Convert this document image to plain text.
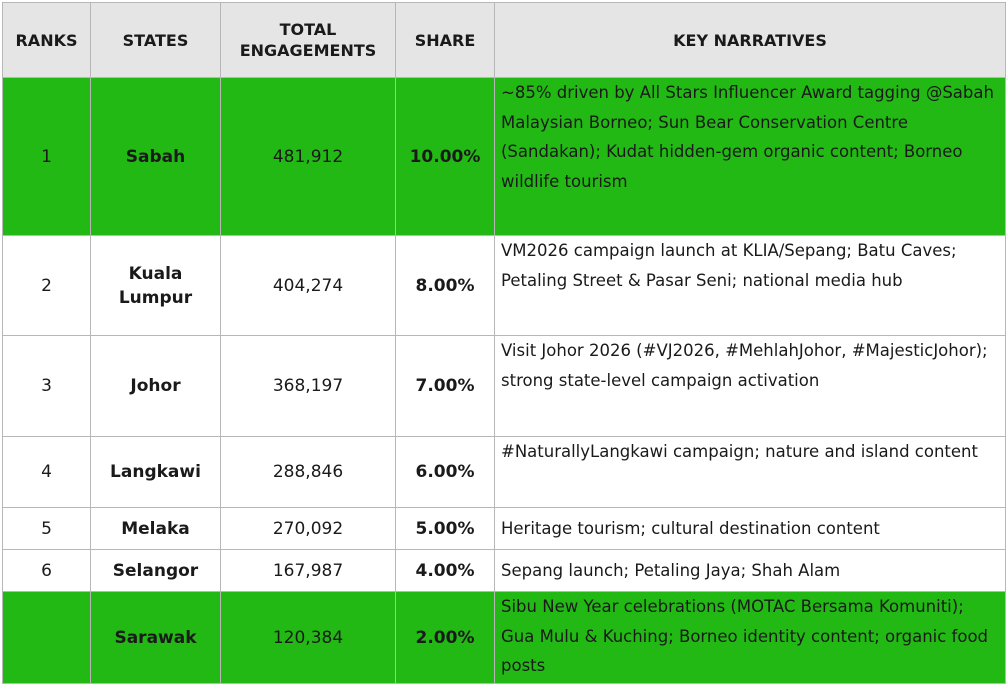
RANKS	STATES	TOTAL ENGAGEMENTS	SHARE	KEY NARRATIVES
1	Sabah	481,912	10.00%	~85% driven by All Stars Influencer Award tagging @Sabah Malaysian Borneo; Sun Bear Conservation Centre (Sandakan); Kudat hidden-gem organic content; Borneo wildlife tourism
2	Kuala Lumpur	404,274	8.00%	VM2026 campaign launch at KLIA/Sepang; Batu Caves; Petaling Street & Pasar Seni; national media hub
3	Johor	368,197	7.00%	Visit Johor 2026 (#VJ2026, #MehlahJohor, #MajesticJohor); strong state-level campaign activation
4	Langkawi	288,846	6.00%	#NaturallyLangkawi campaign; nature and island content
5	Melaka	270,092	5.00%	Heritage tourism; cultural destination content
6	Selangor	167,987	4.00%	Sepang launch; Petaling Jaya; Shah Alam
	Sarawak	120,384	2.00%	Sibu New Year celebrations (MOTAC Bersama Komuniti); Gua Mulu & Kuching; Borneo identity content; organic food posts
